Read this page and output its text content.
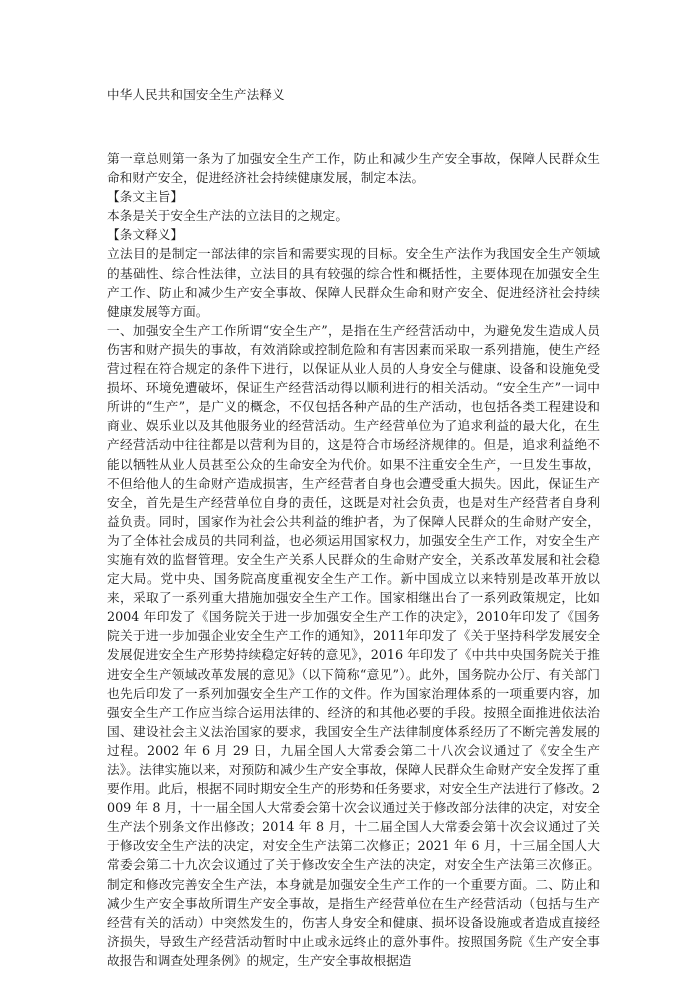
中华人民共和国安全生产法释义

第一章总则第一条为了加强安全生产工作，防止和减少生产安全事故，保障人民群众生命和财产安全，促进经济社会持续健康发展，制定本法。

【条文主旨】

本条是关于安全生产法的立法目的之规定。

【条文释义】

立法目的是制定一部法律的宗旨和需要实现的目标。安全生产法作为我国安全生产领域的基础性、综合性法律，立法目的具有较强的综合性和概括性，主要体现在加强安全生产工作、防止和减少生产安全事故、保障人民群众生命和财产安全、促进经济社会持续健康发展等方面。

一、加强安全生产工作所谓“安全生产”，是指在生产经营活动中，为避免发生造成人员伤害和财产损失的事故，有效消除或控制危险和有害因素而采取一系列措施，使生产经营过程在符合规定的条件下进行，以保证从业人员的人身安全与健康、设备和设施免受损坏、环境免遭破坏，保证生产经营活动得以顺利进行的相关活动。“安全生产”一词中所讲的“生产”，是广义的概念，不仅包括各种产品的生产活动，也包括各类工程建设和商业、娱乐业以及其他服务业的经营活动。生产经营单位为了追求利益的最大化，在生产经营活动中往往都是以营利为目的，这是符合市场经济规律的。但是，追求利益绝不能以牺牲从业人员甚至公众的生命安全为代价。如果不注重安全生产，一旦发生事故，不但给他人的生命财产造成损害，生产经营者自身也会遭受重大损失。因此，保证生产安全，首先是生产经营单位自身的责任，这既是对社会负责，也是对生产经营者自身利益负责。同时，国家作为社会公共利益的维护者，为了保障人民群众的生命财产安全，为了全体社会成员的共同利益，也必须运用国家权力，加强安全生产工作，对安全生产实施有效的监督管理。安全生产关系人民群众的生命财产安全，关系改革发展和社会稳定大局。党中央、国务院高度重视安全生产工作。新中国成立以来特别是改革开放以来，采取了一系列重大措施加强安全生产工作。国家相继出台了一系列政策规定，比如 2004 年印发了《国务院关于进一步加强安全生产工作的决定》，2010年印发了《国务院关于进一步加强企业安全生产工作的通知》，2011年印发了《关于坚持科学发展安全发展促进安全生产形势持续稳定好转的意见》，2016 年印发了《中共中央国务院关于推进安全生产领域改革发展的意见》（以下简称“意见”）。此外，国务院办公厅、有关部门也先后印发了一系列加强安全生产工作的文件。作为国家治理体系的一项重要内容，加强安全生产工作应当综合运用法律的、经济的和其他必要的手段。按照全面推进依法治国、建设社会主义法治国家的要求，我国安全生产法律制度体系经历了不断完善发展的过程。2002 年 6 月 29 日，九届全国人大常委会第二十八次会议通过了《安全生产法》。法律实施以来，对预防和减少生产安全事故，保障人民群众生命财产安全发挥了重要作用。此后，根据不同时期安全生产的形势和任务要求，对安全生产法进行了修改。2009 年 8 月，十一届全国人大常委会第十次会议通过关于修改部分法律的决定，对安全生产法个别条文作出修改；2014 年 8 月，十二届全国人大常委会第十次会议通过了关于修改安全生产法的决定，对安全生产法第二次修正；2021 年 6 月，十三届全国人大常委会第二十九次会议通过了关于修改安全生产法的决定，对安全生产法第三次修正。制定和修改完善安全生产法，本身就是加强安全生产工作的一个重要方面。二、防止和减少生产安全事故所谓生产安全事故，是指生产经营单位在生产经营活动（包括与生产经营有关的活动）中突然发生的，伤害人身安全和健康、损坏设备设施或者造成直接经济损失，导致生产经营活动暂时中止或永远终止的意外事件。按照国务院《生产安全事故报告和调查处理条例》的规定，生产安全事故根据造
